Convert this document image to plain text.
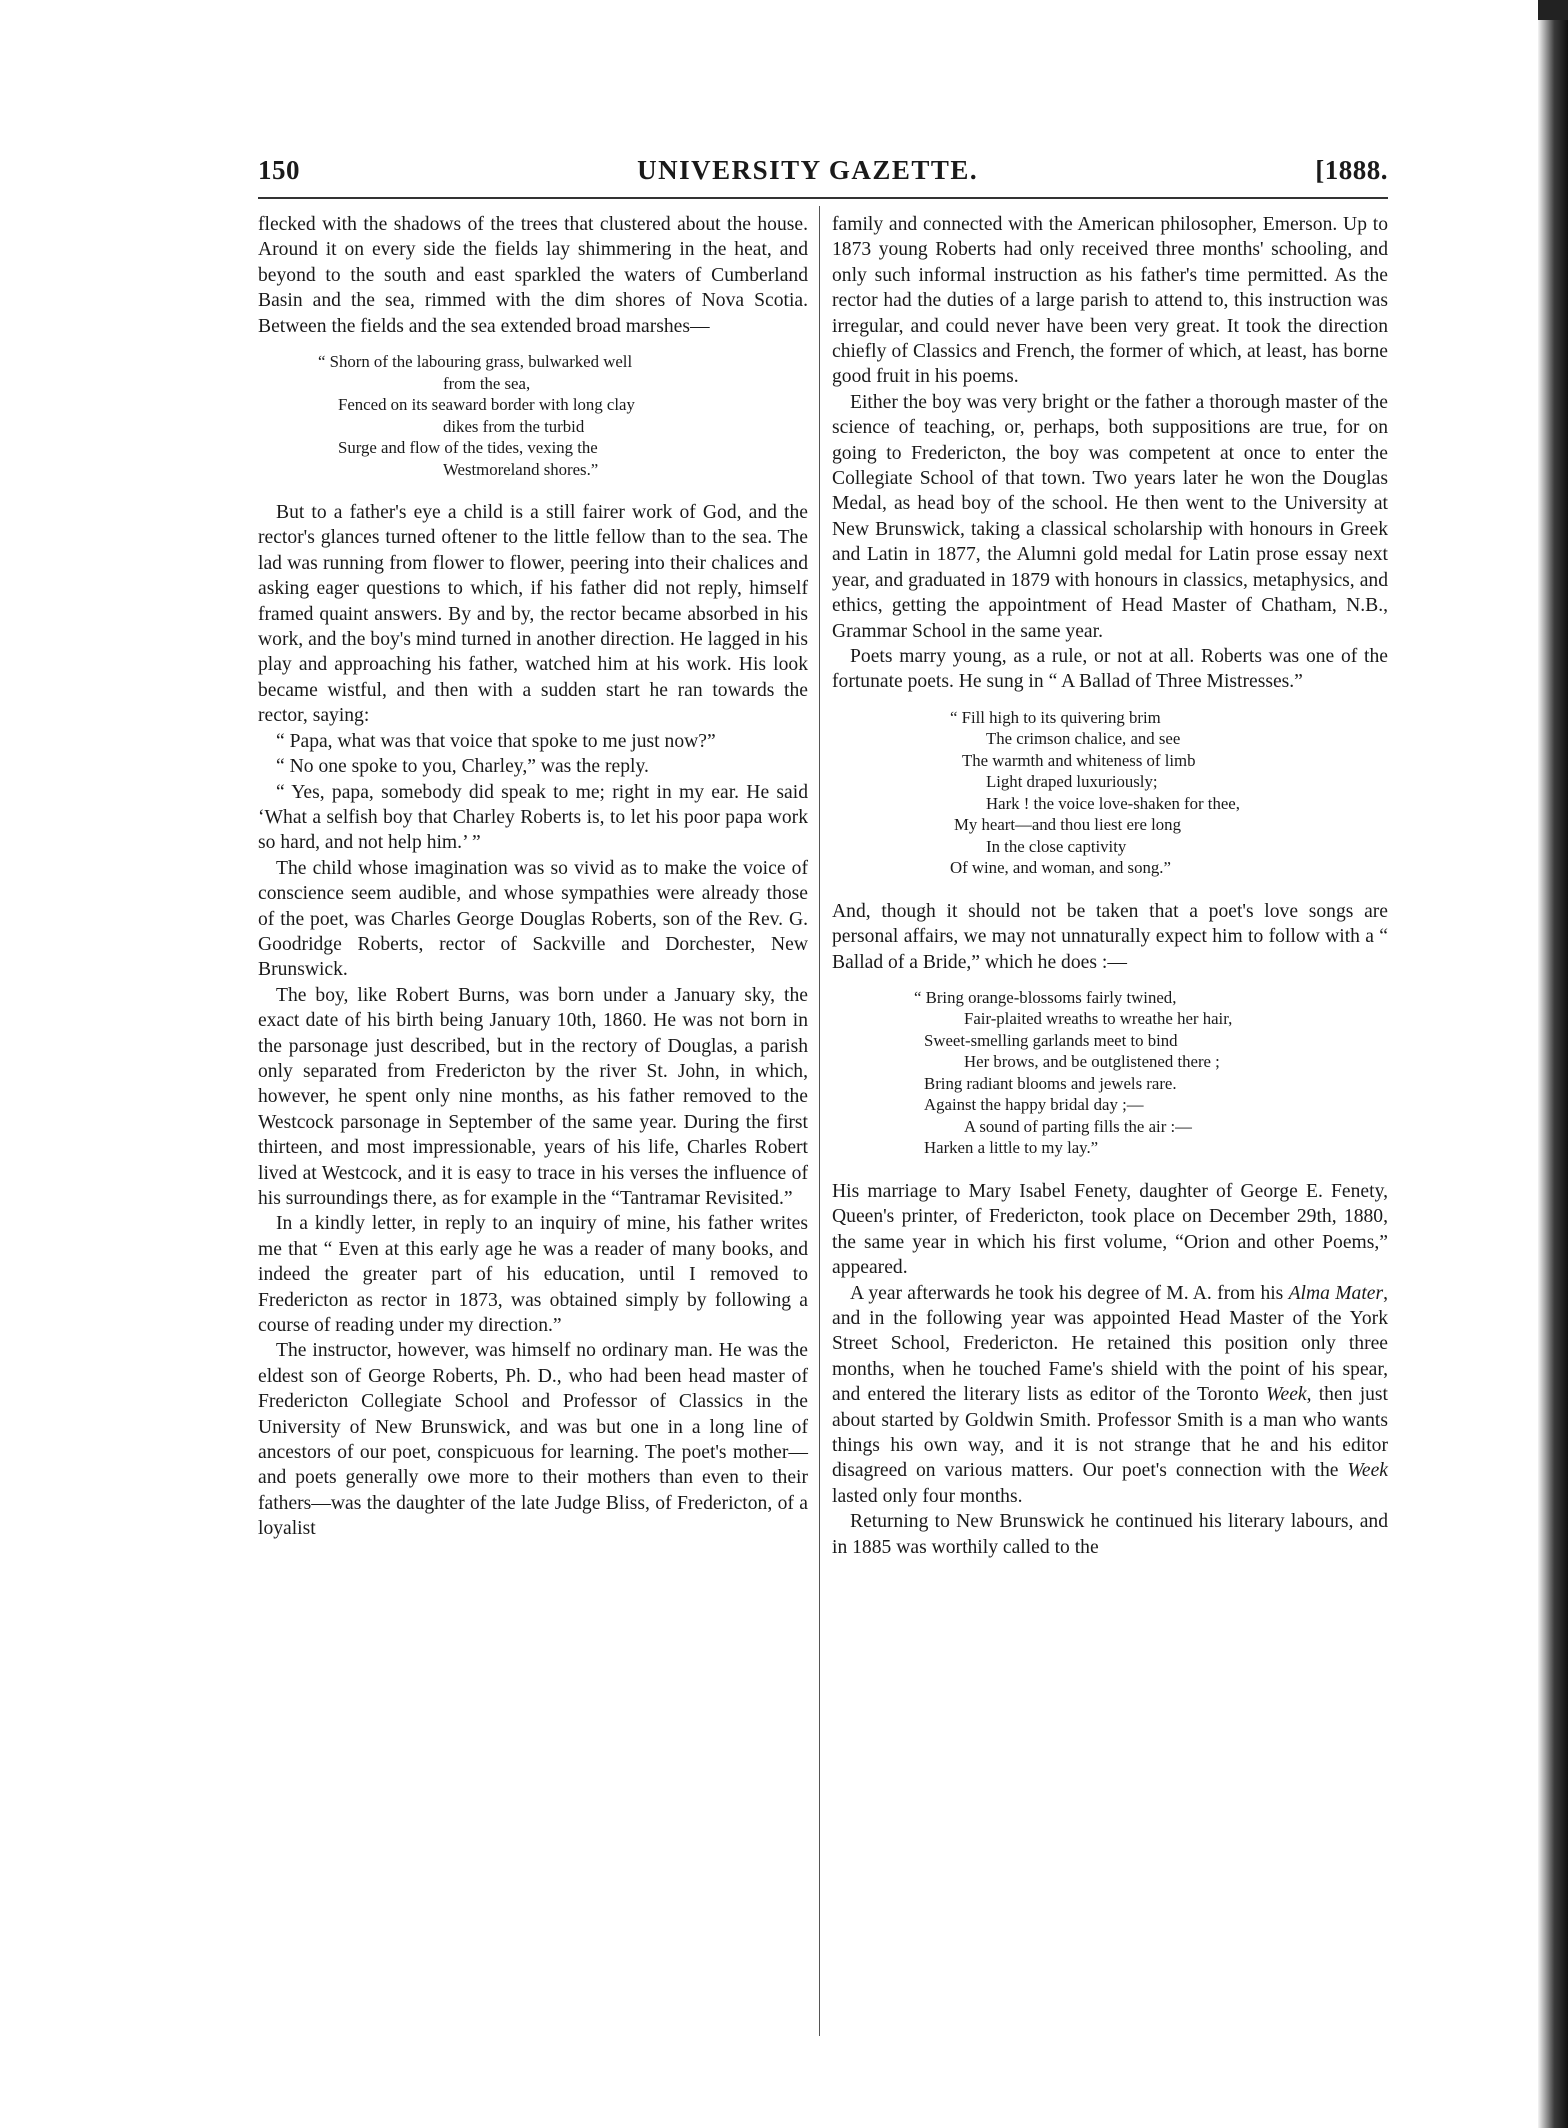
150	UNIVERSITY GAZETTE.	[1888.

flecked with the shadows of the trees that clustered about the house. Around it on every side the fields lay shimmering in the heat, and beyond to the south and east sparkled the waters of Cumberland Basin and the sea, rimmed with the dim shores of Nova Scotia. Between the fields and the sea extended broad marshes—

“ Shorn of the labouring grass, bulwarked well
from the sea,
Fenced on its seaward border with long clay
dikes from the turbid
Surge and flow of the tides, vexing the
Westmoreland shores.”

But to a father's eye a child is a still fairer work of God, and the rector's glances turned oftener to the little fellow than to the sea. The lad was running from flower to flower, peering into their chalices and asking eager questions to which, if his father did not reply, himself framed quaint answers. By and by, the rector became absorbed in his work, and the boy's mind turned in another direction. He lagged in his play and approaching his father, watched him at his work. His look became wistful, and then with a sudden start he ran towards the rector, saying:

“ Papa, what was that voice that spoke to me just now?”

“ No one spoke to you, Charley,” was the reply.

“ Yes, papa, somebody did speak to me; right in my ear. He said ‘What a selfish boy that Charley Roberts is, to let his poor papa work so hard, and not help him.’ ”

The child whose imagination was so vivid as to make the voice of conscience seem audible, and whose sympathies were already those of the poet, was Charles George Douglas Roberts, son of the Rev. G. Goodridge Roberts, rector of Sackville and Dorchester, New Brunswick.

The boy, like Robert Burns, was born under a January sky, the exact date of his birth being January 10th, 1860. He was not born in the parsonage just described, but in the rectory of Douglas, a parish only separated from Fredericton by the river St. John, in which, however, he spent only nine months, as his father removed to the Westcock parsonage in September of the same year. During the first thirteen, and most impressionable, years of his life, Charles Robert lived at Westcock, and it is easy to trace in his verses the influence of his surroundings there, as for example in the “Tantramar Revisited.”

In a kindly letter, in reply to an inquiry of mine, his father writes me that “ Even at this early age he was a reader of many books, and indeed the greater part of his education, until I removed to Fredericton as rector in 1873, was obtained simply by following a course of reading under my direction.”

The instructor, however, was himself no ordinary man. He was the eldest son of George Roberts, Ph. D., who had been head master of Fredericton Collegiate School and Professor of Classics in the University of New Brunswick, and was but one in a long line of ancestors of our poet, conspicuous for learning. The poet's mother—and poets generally owe more to their mothers than even to their fathers—was the daughter of the late Judge Bliss, of Fredericton, of a loyalist

family and connected with the American philosopher, Emerson. Up to 1873 young Roberts had only received three months' schooling, and only such informal instruction as his father's time permitted. As the rector had the duties of a large parish to attend to, this instruction was irregular, and could never have been very great. It took the direction chiefly of Classics and French, the former of which, at least, has borne good fruit in his poems.

Either the boy was very bright or the father a thorough master of the science of teaching, or, perhaps, both suppositions are true, for on going to Fredericton, the boy was competent at once to enter the Collegiate School of that town. Two years later he won the Douglas Medal, as head boy of the school. He then went to the University at New Brunswick, taking a classical scholarship with honours in Greek and Latin in 1877, the Alumni gold medal for Latin prose essay next year, and graduated in 1879 with honours in classics, metaphysics, and ethics, getting the appointment of Head Master of Chatham, N.B., Grammar School in the same year.

Poets marry young, as a rule, or not at all. Roberts was one of the fortunate poets. He sung in “ A Ballad of Three Mistresses.”

“ Fill high to its quivering brim
The crimson chalice, and see
The warmth and whiteness of limb
Light draped luxuriously;
Hark ! the voice love-shaken for thee,
My heart—and thou liest ere long
In the close captivity
Of wine, and woman, and song.”

And, though it should not be taken that a poet's love songs are personal affairs, we may not unnaturally expect him to follow with a “ Ballad of a Bride,” which he does :—

“ Bring orange-blossoms fairly twined,
Fair-plaited wreaths to wreathe her hair,
Sweet-smelling garlands meet to bind
Her brows, and be outglistened there ;
Bring radiant blooms and jewels rare.
Against the happy bridal day ;—
A sound of parting fills the air :—
Harken a little to my lay.”

His marriage to Mary Isabel Fenety, daughter of George E. Fenety, Queen's printer, of Fredericton, took place on December 29th, 1880, the same year in which his first volume, “Orion and other Poems,” appeared.

A year afterwards he took his degree of M. A. from his Alma Mater, and in the following year was appointed Head Master of the York Street School, Fredericton. He retained this position only three months, when he touched Fame's shield with the point of his spear, and entered the literary lists as editor of the Toronto Week, then just about started by Goldwin Smith. Professor Smith is a man who wants things his own way, and it is not strange that he and his editor disagreed on various matters. Our poet's connection with the Week lasted only four months.

Returning to New Brunswick he continued his literary labours, and in 1885 was worthily called to the
